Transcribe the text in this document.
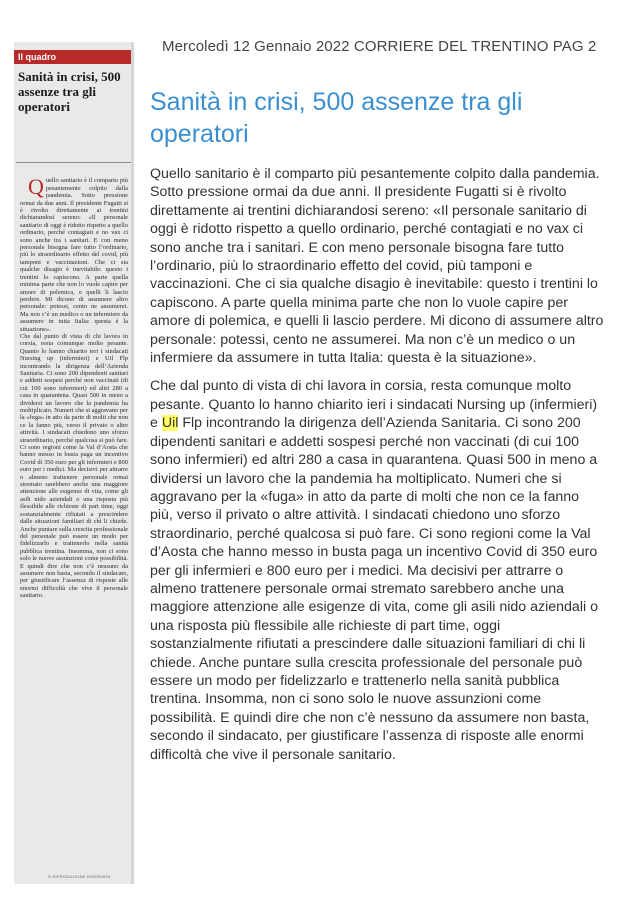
Il quadro
Sanità in crisi, 500 assenze tra gli operatori

Quello sanitario è il comparto più pesantemente colpito dalla pandemia. Sotto pressione ormai da due anni. Il presidente Fugatti si è rivolto direttamente ai trentini dichiarandosi sereno: «Il personale sanitario di oggi è ridotto rispetto a quello ordinario, perché contagiati e no vax ci sono anche tra i sanitari. E con meno personale bisogna fare tutto l’ordinario, più lo straordinario effetto del covid, più tamponi e vaccinazioni. Che ci sia qualche disagio è inevitabile: questo i trentini lo capiscono. A parte quella minima parte che non lo vuole capire per amore di polemica, e quelli li lascio perdere. Mi dicono di assumere altro personale: potessi, cento ne assumerei. Ma non c’è un medico o un infermiere da assumere in tutta Italia: questa è la situazione».
Che dal punto di vista di chi lavora in corsia, resta comunque molto pesante. Quanto lo hanno chiarito ieri i sindacati Nursing up (infermieri) e Uil Flp incontrando la dirigenza dell’Azienda Sanitaria. Ci sono 200 dipendenti sanitari e addetti sospesi perché non vaccinati (di cui 100 sono infermieri) ed altri 280 a casa in quarantena. Quasi 500 in meno a dividersi un lavoro che la pandemia ha moltiplicato. Numeri che si aggravano per la «fuga» in atto da parte di molti che non ce la fanno più, verso il privato o altre attività. I sindacati chiedono uno sforzo straordinario, perché qualcosa si può fare. Ci sono regioni come la Val d’Aosta che hanno messo in busta paga un incentivo Covid di 350 euro per gli infermieri e 800 euro per i medici. Ma decisivi per attrarre o almeno trattenere personale ormai stremato sarebbero anche una maggiore attenzione alle esigenze di vita, come gli asili nido aziendali o una risposta più flessibile alle richieste di part time, oggi sostanzialmente rifiutati a prescindere dalle situazioni familiari di chi li chiede. Anche puntare sulla crescita professionale del personale può essere un modo per fidelizzarlo e trattenerlo nella sanità pubblica trentina. Insomma, non ci sono solo le nuove assunzioni come possibilità. E quindi dire che non c’è nessuno da assumere non basta, secondo il sindacato, per giustificare l’assenza di risposte alle enormi difficoltà che vive il personale sanitario.

© RIPRODUZIONE RISERVATA
Mercoledì 12 Gennaio 2022 CORRIERE DEL TRENTINO PAG 2
Sanità in crisi, 500 assenze tra gli operatori

Quello sanitario è il comparto più pesantemente colpito dalla pandemia. Sotto pressione ormai da due anni. Il presidente Fugatti si è rivolto direttamente ai trentini dichiarandosi sereno: «Il personale sanitario di oggi è ridotto rispetto a quello ordinario, perché contagiati e no vax ci sono anche tra i sanitari. E con meno personale bisogna fare tutto l’ordinario, più lo straordinario effetto del covid, più tamponi e vaccinazioni. Che ci sia qualche disagio è inevitabile: questo i trentini lo capiscono. A parte quella minima parte che non lo vuole capire per amore di polemica, e quelli li lascio perdere. Mi dicono di assumere altro personale: potessi, cento ne assumerei. Ma non c’è un medico o un infermiere da assumere in tutta Italia: questa è la situazione».

Che dal punto di vista di chi lavora in corsia, resta comunque molto pesante. Quanto lo hanno chiarito ieri i sindacati Nursing up (infermieri) e Uil Flp incontrando la dirigenza dell’Azienda Sanitaria. Ci sono 200 dipendenti sanitari e addetti sospesi perché non vaccinati (di cui 100 sono infermieri) ed altri 280 a casa in quarantena. Quasi 500 in meno a dividersi un lavoro che la pandemia ha moltiplicato. Numeri che si aggravano per la «fuga» in atto da parte di molti che non ce la fanno più, verso il privato o altre attività. I sindacati chiedono uno sforzo straordinario, perché qualcosa si può fare. Ci sono regioni come la Val d’Aosta che hanno messo in busta paga un incentivo Covid di 350 euro per gli infermieri e 800 euro per i medici. Ma decisivi per attrarre o almeno trattenere personale ormai stremato sarebbero anche una maggiore attenzione alle esigenze di vita, come gli asili nido aziendali o una risposta più flessibile alle richieste di part time, oggi sostanzialmente rifiutati a prescindere dalle situazioni familiari di chi li chiede. Anche puntare sulla crescita professionale del personale può essere un modo per fidelizzarlo e trattenerlo nella sanità pubblica trentina. Insomma, non ci sono solo le nuove assunzioni come possibilità. E quindi dire che non c’è nessuno da assumere non basta, secondo il sindacato, per giustificare l’assenza di risposte alle enormi difficoltà che vive il personale sanitario.
